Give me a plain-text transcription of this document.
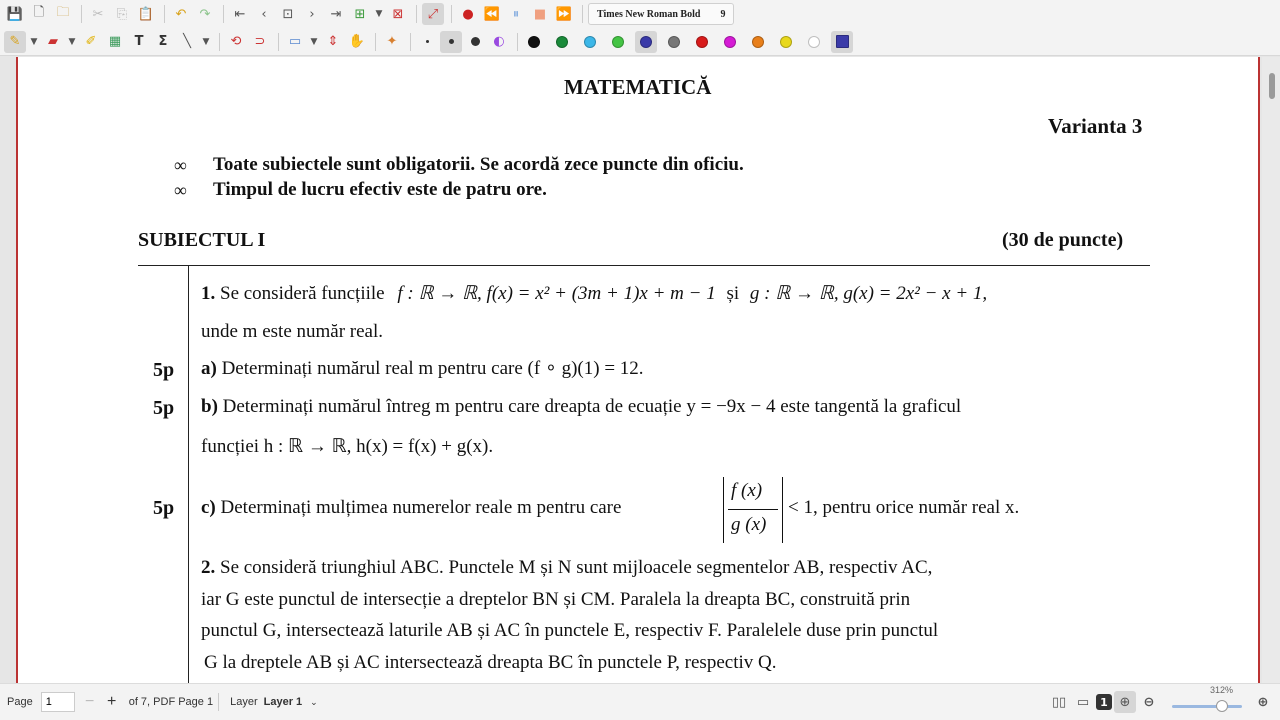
💾 🗋 🗀	✂	⎘ 📋	↶	↷	⇤	‹	⊡	›	⇥	⊞	▼ ⊠	⤢	● ⏪ ⏸	■ ⏩ Times New Roman Bold 9
✎	▼ ▰	▼ ✐ ▦	T	Σ	╲	▼	⟲	⊃	▭	▼ ⇕ ✋	✦	◐
MATEMATICĂ
Varianta 3
∞ Toate subiectele sunt obligatorii. Se acordă zece puncte din oficiu.
∞ Timpul de lucru efectiv este de patru ore.
SUBIECTUL I	(30 de puncte)
1. Se consideră funcțiile f : ℝ → ℝ, f(x) = x² + (3m + 1)x + m − 1 și g : ℝ → ℝ, g(x) = 2x² − x + 1,
unde m este număr real.
5p a) Determinați numărul real m pentru care (f ∘ g)(1) = 12.
5p b) Determinați numărul întreg m pentru care dreapta de ecuație y = −9x − 4 este tangentă la graficul
funcției h : ℝ → ℝ, h(x) = f(x) + g(x).
5p c) Determinați mulțimea numerelor reale m pentru care
f (x)
g (x)
< 1, pentru orice număr real x.
2. Se consideră triunghiul ABC. Punctele M și N sunt mijloacele segmentelor AB, respectiv AC,
iar G este punctul de intersecție a dreptelor BN și CM. Paralela la dreapta BC, construită prin
punctul G, intersectează laturile AB și AC în punctele E, respectiv F. Paralelele duse prin punctul
G la dreptele AB și AC intersectează dreapta BC în punctele P, respectiv Q.
Page
1	− +	of 7, PDF Page 1 Layer Layer 1 ⌄	▯▯ ▭	1 ⊕	⊖
312%
⊕
